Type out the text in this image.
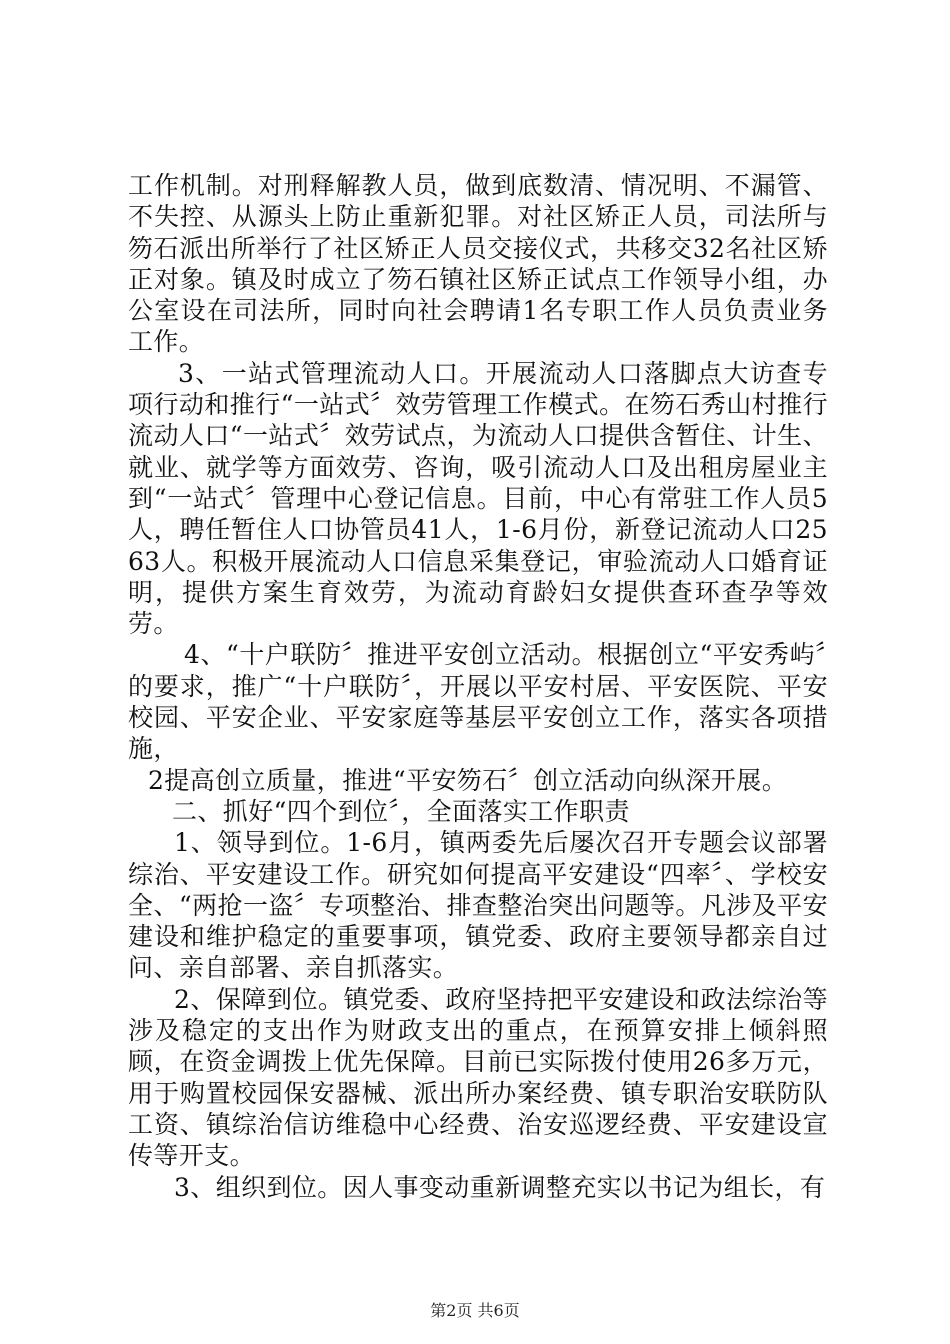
工作机制。对刑释解教人员，做到底数清、情况明、不漏管、不失控、从源头上防止重新犯罪。对社区矫正人员，司法所与笏石派出所举行了社区矫正人员交接仪式，共移交32名社区矫正对象。镇及时成立了笏石镇社区矫正试点工作领导小组，办公室设在司法所，同时向社会聘请1名专职工作人员负责业务工作。

3、一站式管理流动人口。开展流动人口落脚点大访查专项行动和推行“一站式〞效劳管理工作模式。在笏石秀山村推行流动人口“一站式〞效劳试点，为流动人口提供含暂住、计生、就业、就学等方面效劳、咨询，吸引流动人口及出租房屋业主到“一站式〞管理中心登记信息。目前，中心有常驻工作人员5人，聘任暂住人口协管员41人，1-6月份，新登记流动人口2563人。积极开展流动人口信息采集登记，审验流动人口婚育证明，提供方案生育效劳，为流动育龄妇女提供查环查孕等效劳。

4、“十户联防〞推进平安创立活动。根据创立“平安秀屿〞的要求，推广“十户联防〞，开展以平安村居、平安医院、平安校园、平安企业、平安家庭等基层平安创立工作，落实各项措施，

2提高创立质量，推进“平安笏石〞创立活动向纵深开展。

二、抓好“四个到位〞，全面落实工作职责

1、领导到位。1-6月，镇两委先后屡次召开专题会议部署综治、平安建设工作。研究如何提高平安建设“四率〞、学校安全、“两抢一盗〞专项整治、排查整治突出问题等。凡涉及平安建设和维护稳定的重要事项，镇党委、政府主要领导都亲自过问、亲自部署、亲自抓落实。

2、保障到位。镇党委、政府坚持把平安建设和政法综治等涉及稳定的支出作为财政支出的重点，在预算安排上倾斜照顾，在资金调拨上优先保障。目前已实际拨付使用26多万元，用于购置校园保安器械、派出所办案经费、镇专职治安联防队工资、镇综治信访维稳中心经费、治安巡逻经费、平安建设宣传等开支。

3、组织到位。因人事变动重新调整充实以书记为组长，有

第2页 共6页
